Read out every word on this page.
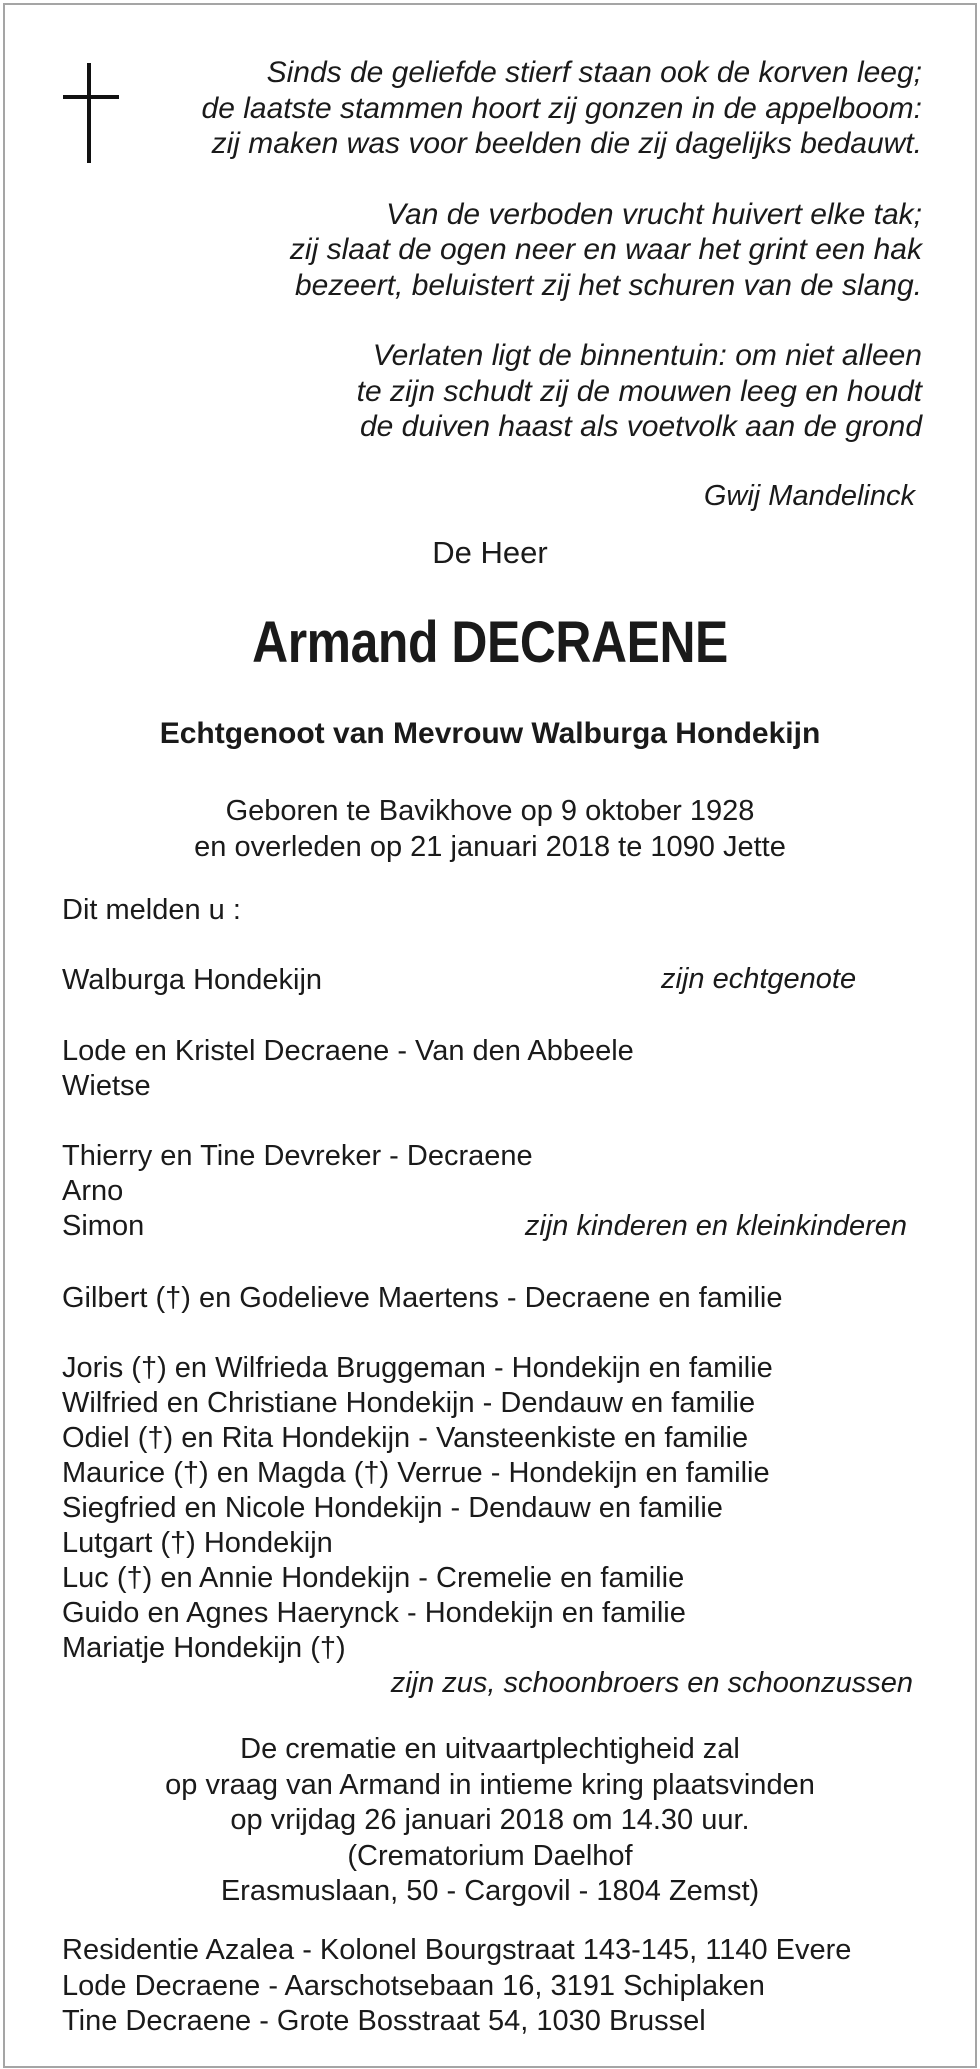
Sinds de geliefde stierf staan ook de korven leeg;
de laatste stammen hoort zij gonzen in de appelboom:
zij maken was voor beelden die zij dagelijks bedauwt.
Van de verboden vrucht huivert elke tak;
zij slaat de ogen neer en waar het grint een hak
bezeert, beluistert zij het schuren van de slang.
Verlaten ligt de binnentuin: om niet alleen
te zijn schudt zij de mouwen leeg en houdt
de duiven haast als voetvolk aan de grond
Gwij Mandelinck
De Heer
Armand DECRAENE
Echtgenoot van Mevrouw Walburga Hondekijn
Geboren te Bavikhove op 9 oktober 1928
en overleden op 21 januari 2018 te 1090 Jette
Dit melden u :
Walburga Hondekijn	zijn echtgenote
Lode en Kristel Decraene - Van den Abbeele
Wietse
Thierry en Tine Devreker - Decraene
Arno
Simon	zijn kinderen en kleinkinderen
Gilbert (†) en Godelieve Maertens - Decraene en familie
Joris (†) en Wilfrieda Bruggeman - Hondekijn en familie
Wilfried en Christiane Hondekijn - Dendauw en familie
Odiel (†) en Rita Hondekijn - Vansteenkiste en familie
Maurice (†) en Magda (†) Verrue - Hondekijn en familie
Siegfried en Nicole Hondekijn - Dendauw en familie
Lutgart (†) Hondekijn
Luc (†) en Annie Hondekijn - Cremelie en familie
Guido en Agnes Haerynck - Hondekijn en familie
Mariatje Hondekijn (†)
zijn zus, schoonbroers en schoonzussen
De crematie en uitvaartplechtigheid zal
op vraag van Armand in intieme kring plaatsvinden
op vrijdag 26 januari 2018 om 14.30 uur.
(Crematorium Daelhof
Erasmuslaan, 50 - Cargovil - 1804 Zemst)
Residentie Azalea - Kolonel Bourgstraat 143-145, 1140 Evere
Lode Decraene - Aarschotsebaan 16, 3191 Schiplaken
Tine Decraene - Grote Bosstraat 54, 1030 Brussel
